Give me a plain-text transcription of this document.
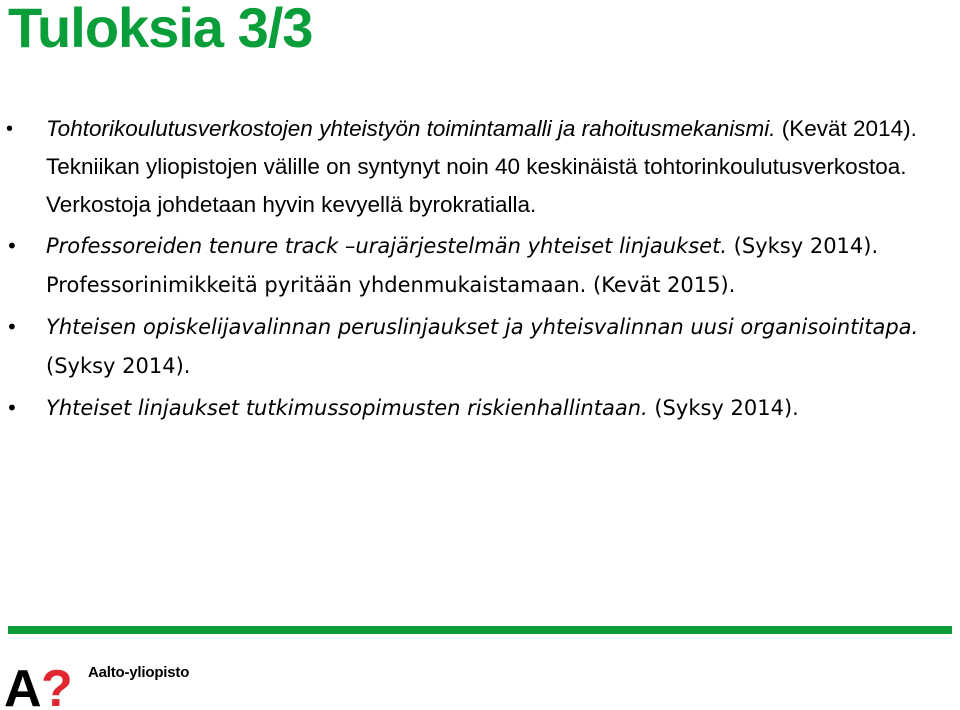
Tuloksia 3/3
• Tohtorikoulutusverkostojen yhteistyön toimintamalli ja rahoitusmekanismi. (Kevät 2014). Tekniikan yliopistojen välille on syntynyt noin 40 keskinäistä tohtorinkoulutusverkostoa. Verkostoja johdetaan hyvin kevyellä byrokratialla.
• Professoreiden tenure track –urajärjestelmän yhteiset linjaukset. (Syksy 2014). Professorinimikkeitä pyritään yhdenmukaistamaan. (Kevät 2015).
• Yhteisen opiskelijavalinnan peruslinjaukset ja yhteisvalinnan uusi organisointitapa. (Syksy 2014).
• Yhteiset linjaukset tutkimussopimusten riskienhallintaan. (Syksy 2014).
A ? Aalto-yliopisto
